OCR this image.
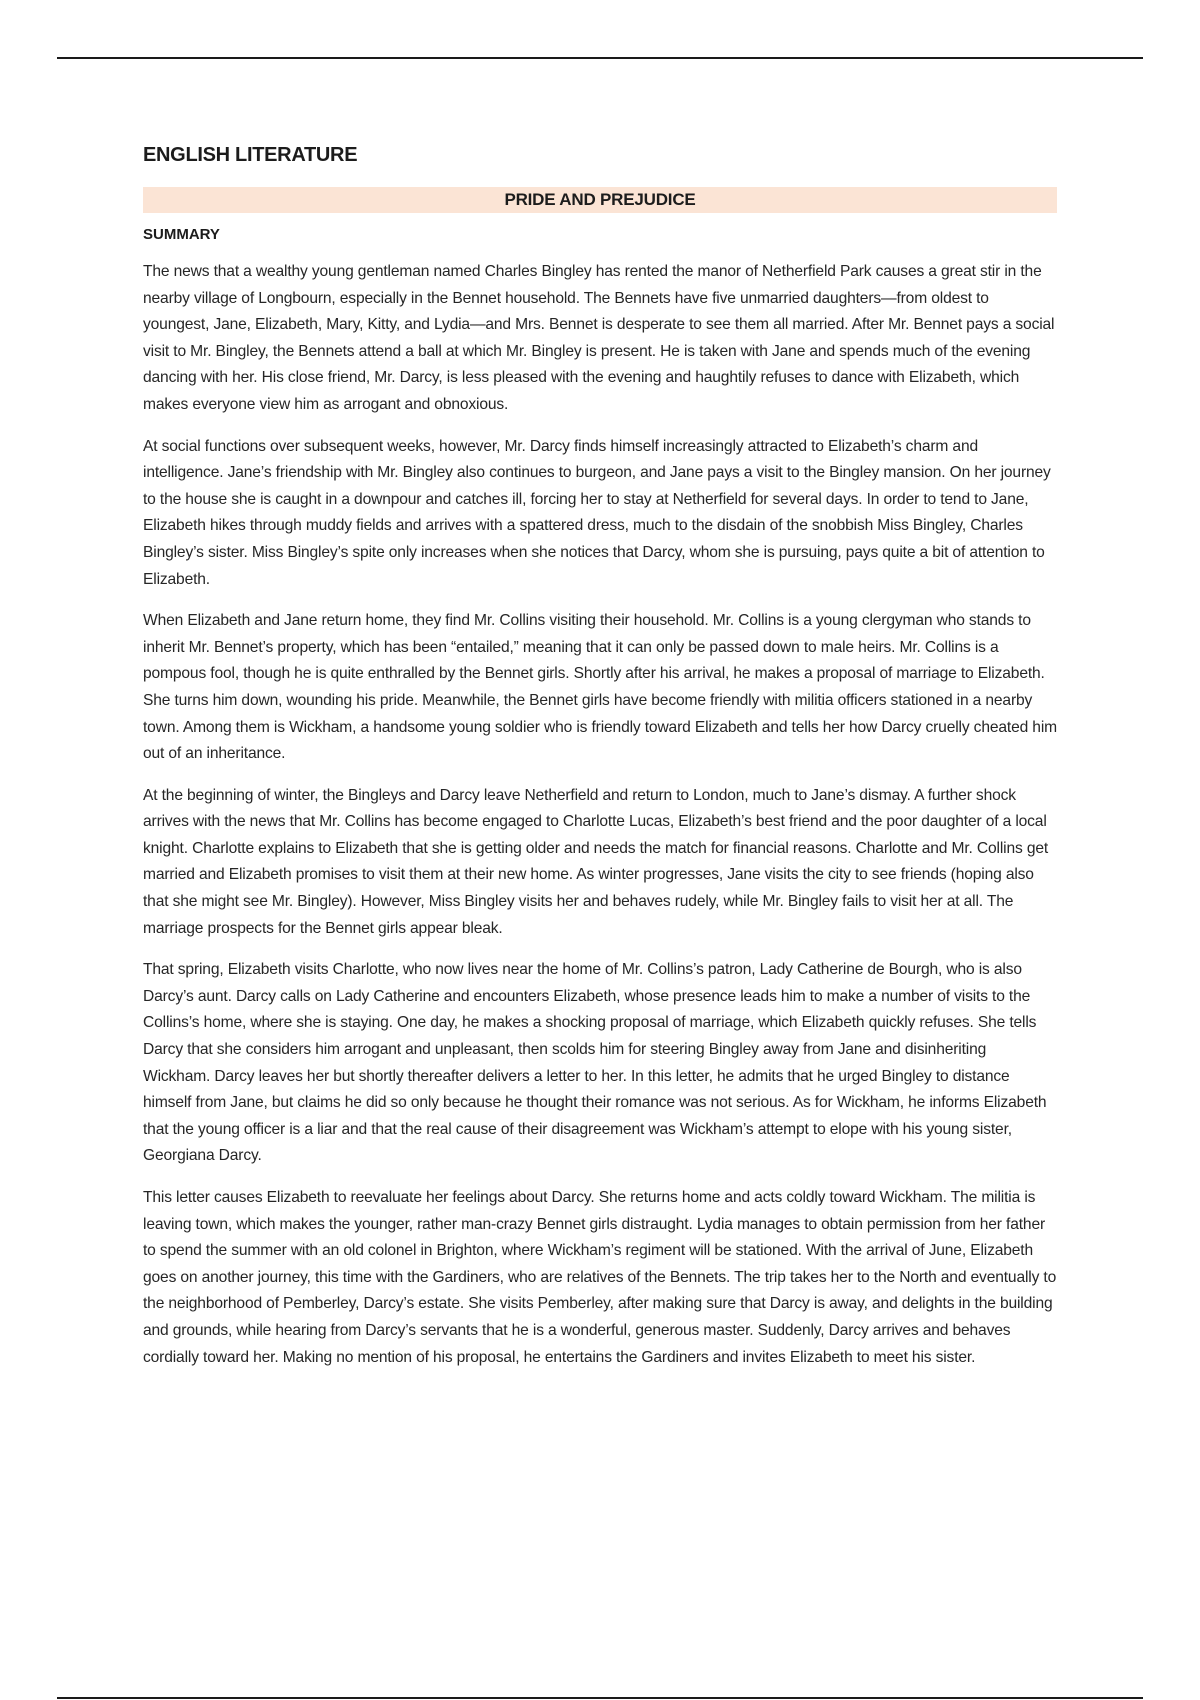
ENGLISH LITERATURE
PRIDE AND PREJUDICE
SUMMARY

The news that a wealthy young gentleman named Charles Bingley has rented the manor of Netherfield Park causes a great stir in the nearby village of Longbourn, especially in the Bennet household. The Bennets have five unmarried daughters—from oldest to youngest, Jane, Elizabeth, Mary, Kitty, and Lydia—and Mrs. Bennet is desperate to see them all married. After Mr. Bennet pays a social visit to Mr. Bingley, the Bennets attend a ball at which Mr. Bingley is present. He is taken with Jane and spends much of the evening dancing with her. His close friend, Mr. Darcy, is less pleased with the evening and haughtily refuses to dance with Elizabeth, which makes everyone view him as arrogant and obnoxious.

At social functions over subsequent weeks, however, Mr. Darcy finds himself increasingly attracted to Elizabeth’s charm and intelligence. Jane’s friendship with Mr. Bingley also continues to burgeon, and Jane pays a visit to the Bingley mansion. On her journey to the house she is caught in a downpour and catches ill, forcing her to stay at Netherfield for several days. In order to tend to Jane, Elizabeth hikes through muddy fields and arrives with a spattered dress, much to the disdain of the snobbish Miss Bingley, Charles Bingley’s sister. Miss Bingley’s spite only increases when she notices that Darcy, whom she is pursuing, pays quite a bit of attention to Elizabeth.

When Elizabeth and Jane return home, they find Mr. Collins visiting their household. Mr. Collins is a young clergyman who stands to inherit Mr. Bennet’s property, which has been “entailed,” meaning that it can only be passed down to male heirs. Mr. Collins is a pompous fool, though he is quite enthralled by the Bennet girls. Shortly after his arrival, he makes a proposal of marriage to Elizabeth. She turns him down, wounding his pride. Meanwhile, the Bennet girls have become friendly with militia officers stationed in a nearby town. Among them is Wickham, a handsome young soldier who is friendly toward Elizabeth and tells her how Darcy cruelly cheated him out of an inheritance.

At the beginning of winter, the Bingleys and Darcy leave Netherfield and return to London, much to Jane’s dismay. A further shock arrives with the news that Mr. Collins has become engaged to Charlotte Lucas, Elizabeth’s best friend and the poor daughter of a local knight. Charlotte explains to Elizabeth that she is getting older and needs the match for financial reasons. Charlotte and Mr. Collins get married and Elizabeth promises to visit them at their new home. As winter progresses, Jane visits the city to see friends (hoping also that she might see Mr. Bingley). However, Miss Bingley visits her and behaves rudely, while Mr. Bingley fails to visit her at all. The marriage prospects for the Bennet girls appear bleak.

That spring, Elizabeth visits Charlotte, who now lives near the home of Mr. Collins’s patron, Lady Catherine de Bourgh, who is also Darcy’s aunt. Darcy calls on Lady Catherine and encounters Elizabeth, whose presence leads him to make a number of visits to the Collins’s home, where she is staying. One day, he makes a shocking proposal of marriage, which Elizabeth quickly refuses. She tells Darcy that she considers him arrogant and unpleasant, then scolds him for steering Bingley away from Jane and disinheriting Wickham. Darcy leaves her but shortly thereafter delivers a letter to her. In this letter, he admits that he urged Bingley to distance himself from Jane, but claims he did so only because he thought their romance was not serious. As for Wickham, he informs Elizabeth that the young officer is a liar and that the real cause of their disagreement was Wickham’s attempt to elope with his young sister, Georgiana Darcy.

This letter causes Elizabeth to reevaluate her feelings about Darcy. She returns home and acts coldly toward Wickham. The militia is leaving town, which makes the younger, rather man-crazy Bennet girls distraught. Lydia manages to obtain permission from her father to spend the summer with an old colonel in Brighton, where Wickham’s regiment will be stationed. With the arrival of June, Elizabeth goes on another journey, this time with the Gardiners, who are relatives of the Bennets. The trip takes her to the North and eventually to the neighborhood of Pemberley, Darcy’s estate. She visits Pemberley, after making sure that Darcy is away, and delights in the building and grounds, while hearing from Darcy’s servants that he is a wonderful, generous master. Suddenly, Darcy arrives and behaves cordially toward her. Making no mention of his proposal, he entertains the Gardiners and invites Elizabeth to meet his sister.
